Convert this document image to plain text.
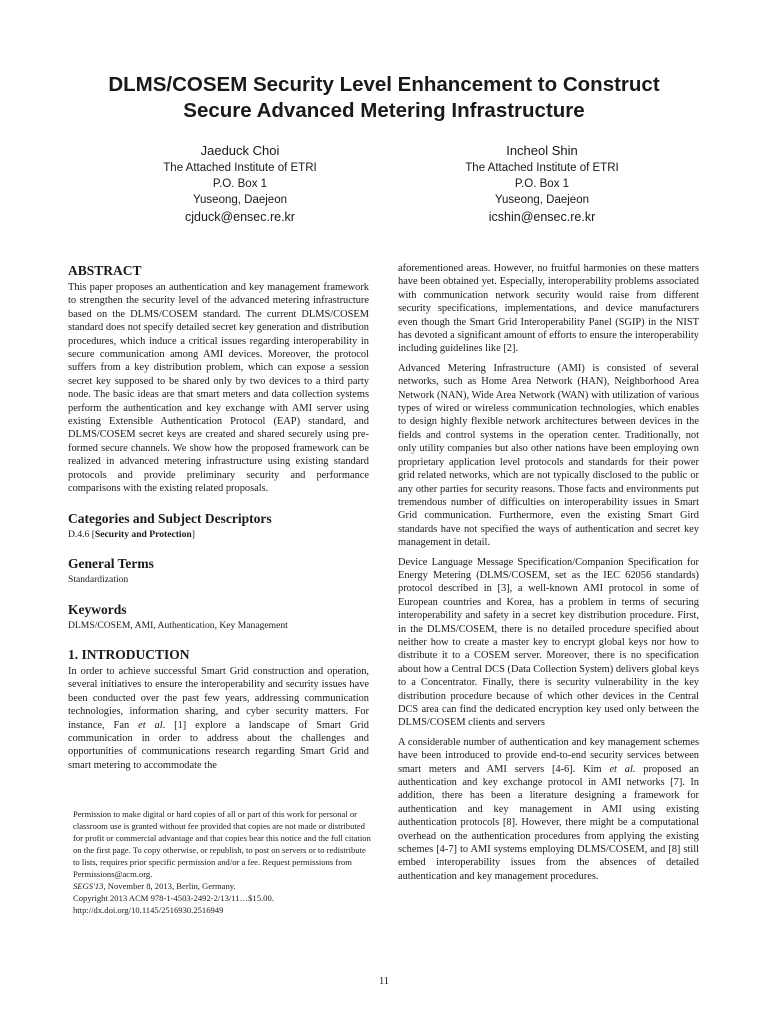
DLMS/COSEM Security Level Enhancement to Construct
Secure Advanced Metering Infrastructure
Jaeduck Choi
The Attached Institute of ETRI
P.O. Box 1
Yuseong, Daejeon
cjduck@ensec.re.kr
Incheol Shin
The Attached Institute of ETRI
P.O. Box 1
Yuseong, Daejeon
icshin@ensec.re.kr
ABSTRACT

This paper proposes an authentication and key management framework to strengthen the security level of the advanced metering infrastructure based on the DLMS/COSEM standard. The current DLMS/COSEM standard does not specify detailed secret key generation and distribution procedures, which induce a critical issues regarding interoperability in secure communication among AMI devices. Moreover, the protocol suffers from a key distribution problem, which can expose a session secret key supposed to be shared only by two devices to a third party node. The basic ideas are that smart meters and data collection systems perform the authentication and key exchange with AMI server using existing Extensible Authentication Protocol (EAP) standard, and DLMS/COSEM secret keys are created and shared securely using pre-formed secure channels. We show how the proposed framework can be realized in advanced metering infrastructure using existing standard protocols and provide preliminary security and performance comparisons with the existing related proposals.

Categories and Subject Descriptors

D.4.6 [Security and Protection]

General Terms

Standardization

Keywords

DLMS/COSEM, AMI, Authentication, Key Management

1. INTRODUCTION

In order to achieve successful Smart Grid construction and operation, several initiatives to ensure the interoperability and security issues have been conducted over the past few years, addressing communication technologies, information sharing, and cyber security matters. For instance, Fan et al. [1] explore a landscape of Smart Grid communication in order to address about the challenges and opportunities of communications research regarding Smart Grid and smart metering to accommodate the

Permission to make digital or hard copies of all or part of this work for personal or classroom use is granted without fee provided that copies are not made or distributed for profit or commercial advantage and that copies bear this notice and the full citation on the first page. To copy otherwise, or republish, to post on servers or to redistribute to lists, requires prior specific permission and/or a fee. Request permissions from Permissions@acm.org.

SEGS'13, November 8, 2013, Berlin, Germany.

Copyright 2013 ACM 978-1-4503-2492-2/13/11…$15.00.

http://dx.doi.org/10.1145/2516930.2516949

aforementioned areas. However, no fruitful harmonies on these matters have been obtained yet. Especially, interoperability problems associated with communication network security would raise from different security specifications, implementations, and device manufacturers even though the Smart Grid Interoperability Panel (SGIP) in the NIST has devoted a significant amount of efforts to ensure the interoperability including guidelines like [2].

Advanced Metering Infrastructure (AMI) is consisted of several networks, such as Home Area Network (HAN), Neighborhood Area Network (NAN), Wide Area Network (WAN) with utilization of various types of wired or wireless communication technologies, which enables to design highly flexible network architectures between devices in the fields and control systems in the operation center. Traditionally, not only utility companies but also other nations have been employing own proprietary application level protocols and standards for their power grid related networks, which are not typically disclosed to the public or any other parties for security reasons. Those facts and environments put tremendous number of difficulties on interoperability issues in Smart Grid communication. Furthermore, even the existing Smart Gird standards have not specified the ways of authentication and secret key management in detail.

Device Language Message Specification/Companion Specification for Energy Metering (DLMS/COSEM, set as the IEC 62056 standards) protocol described in [3], a well-known AMI protocol in some of European countries and Korea, has a problem in terms of securing interoperability and safety in a secret key distribution procedure. First, in the DLMS/COSEM, there is no detailed procedure specified about neither how to create a master key to encrypt global keys nor how to distribute it to a COSEM server. Moreover, there is no specification about how a Central DCS (Data Collection System) delivers global keys to a Concentrator. Finally, there is security vulnerability in the key distribution procedure because of which other devices in the Central DCS area can find the dedicated encryption key used only between the DLMS/COSEM clients and servers

A considerable number of authentication and key management schemes have been introduced to provide end-to-end security services between smart meters and AMI servers [4-6]. Kim et al. proposed an authentication and key exchange protocol in AMI networks [7]. In addition, there has been a literature designing a framework for authentication and key management in AMI using existing authentication protocols [8]. However, there might be a computational overhead on the authentication procedures from applying the existing schemes [4-7] to AMI systems employing DLMS/COSEM, and [8] still embed interoperability issues from the absences of detailed authentication and key management procedures.

11
